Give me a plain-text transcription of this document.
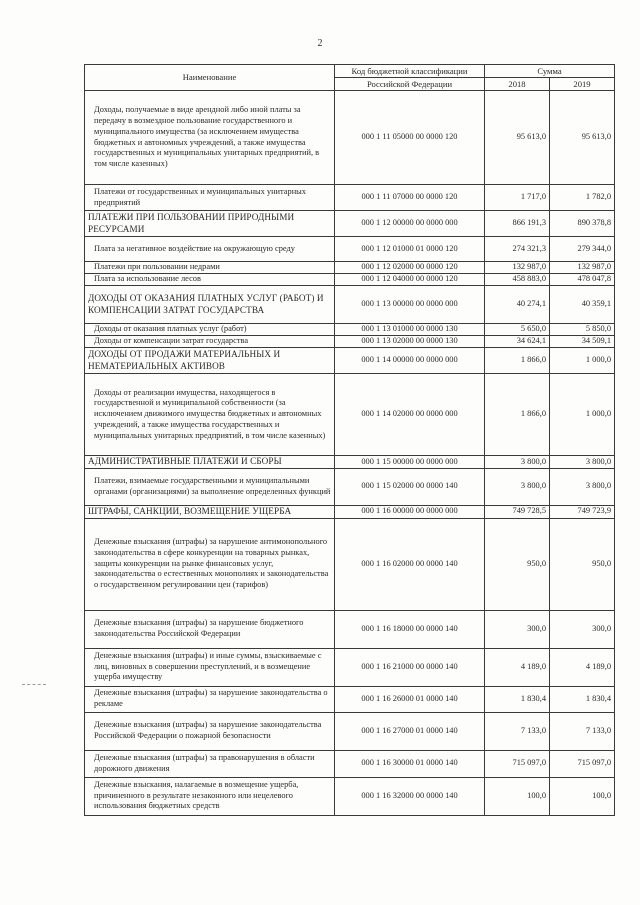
2
Наименование	Код бюджетной классификации	Сумма	
	Российской Федерации	2018	2019
Доходы, получаемые в виде арендной либо иной платы за передачу в возмездное пользование государственного и муниципального имущества (за исключением имущества бюджетных и автономных учреждений, а также имущества государственных и муниципальных унитарных предприятий, в том числе казенных)	000 1 11 05000 00 0000 120	95 613,0	95 613,0
Платежи от государственных и муниципальных унитарных предприятий	000 1 11 07000 00 0000 120	1 717,0	1 782,0
ПЛАТЕЖИ ПРИ ПОЛЬЗОВАНИИ ПРИРОДНЫМИ РЕСУРСАМИ	000 1 12 00000 00 0000 000	866 191,3	890 378,8
Плата за негативное воздействие на окружающую среду	000 1 12 01000 01 0000 120	274 321,3	279 344,0
Платежи при пользовании недрами	000 1 12 02000 00 0000 120	132 987,0	132 987,0
Плата за использование лесов	000 1 12 04000 00 0000 120	458 883,0	478 047,8
ДОХОДЫ ОТ ОКАЗАНИЯ ПЛАТНЫХ УСЛУГ (РАБОТ) И КОМПЕНСАЦИИ ЗАТРАТ ГОСУДАРСТВА	000 1 13 00000 00 0000 000	40 274,1	40 359,1
Доходы от оказания платных услуг (работ)	000 1 13 01000 00 0000 130	5 650,0	5 850,0
Доходы от компенсации затрат государства	000 1 13 02000 00 0000 130	34 624,1	34 509,1
ДОХОДЫ ОТ ПРОДАЖИ МАТЕРИАЛЬНЫХ И НЕМАТЕРИАЛЬНЫХ АКТИВОВ	000 1 14 00000 00 0000 000	1 866,0	1 000,0
Доходы от реализации имущества, находящегося в государственной и муниципальной собственности (за исключением движимого имущества бюджетных и автономных учреждений, а также имущества государственных и муниципальных унитарных предприятий, в том числе казенных)	000 1 14 02000 00 0000 000	1 866,0	1 000,0
АДМИНИСТРАТИВНЫЕ ПЛАТЕЖИ И СБОРЫ	000 1 15 00000 00 0000 000	3 800,0	3 800,0
Платежи, взимаемые государственными и муниципальными органами (организациями) за выполнение определенных функций	000 1 15 02000 00 0000 140	3 800,0	3 800,0
ШТРАФЫ, САНКЦИИ, ВОЗМЕЩЕНИЕ УЩЕРБА	000 1 16 00000 00 0000 000	749 728,5	749 723,9
Денежные взыскания (штрафы) за нарушение антимонопольного законодательства в сфере конкуренции на товарных рынках, защиты конкуренции на рынке финансовых услуг, законодательства о естественных монополиях и законодательства о государственном регулировании цен (тарифов)	000 1 16 02000 00 0000 140	950,0	950,0
Денежные взыскания (штрафы) за нарушение бюджетного законодательства Российской Федерации	000 1 16 18000 00 0000 140	300,0	300,0
Денежные взыскания (штрафы) и иные суммы, взыскиваемые с лиц, виновных в совершении преступлений, и в возмещение ущерба имуществу	000 1 16 21000 00 0000 140	4 189,0	4 189,0
Денежные взыскания (штрафы) за нарушение законодательства о рекламе	000 1 16 26000 01 0000 140	1 830,4	1 830,4
Денежные взыскания (штрафы) за нарушение законодательства Российской Федерации о пожарной безопасности	000 1 16 27000 01 0000 140	7 133,0	7 133,0
Денежные взыскания (штрафы) за правонарушения в области дорожного движения	000 1 16 30000 01 0000 140	715 097,0	715 097,0
Денежные взыскания, налагаемые в возмещение ущерба, причиненного в результате незаконного или нецелевого использования бюджетных средств	000 1 16 32000 00 0000 140	100,0	100,0
